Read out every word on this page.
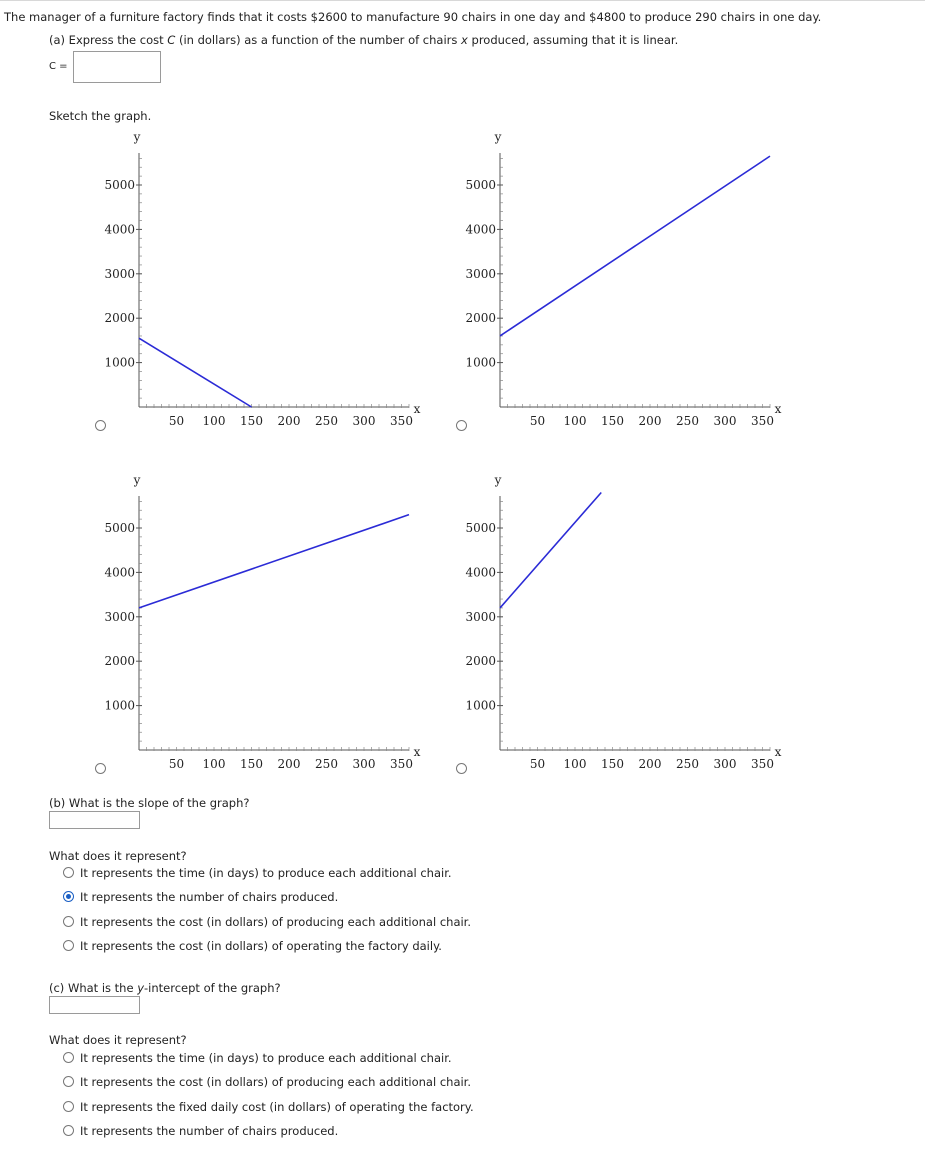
The manager of a furniture factory finds that it costs $2600 to manufacture 90 chairs in one day and $4800 to produce 290 chairs in one day.
(a) Express the cost C (in dollars) as a function of the number of chairs x produced, assuming that it is linear.
C =
Sketch the graph.
5000
4000
3000
2000
1000
50 100 150 200 250 300 350
y
x
5000
4000
3000
2000
1000
50 100 150 200 250 300 350
y
x
5000
4000
3000
2000
1000
50 100 150 200 250 300 350
y
x
5000
4000
3000
2000
1000
50 100 150 200 250 300 350
y
x
(b) What is the slope of the graph?
What does it represent?
It represents the time (in days) to produce each additional chair.
It represents the number of chairs produced.
It represents the cost (in dollars) of producing each additional chair.
It represents the cost (in dollars) of operating the factory daily.
(c) What is the y-intercept of the graph?
What does it represent?
It represents the time (in days) to produce each additional chair.
It represents the cost (in dollars) of producing each additional chair.
It represents the fixed daily cost (in dollars) of operating the factory.
It represents the number of chairs produced.
